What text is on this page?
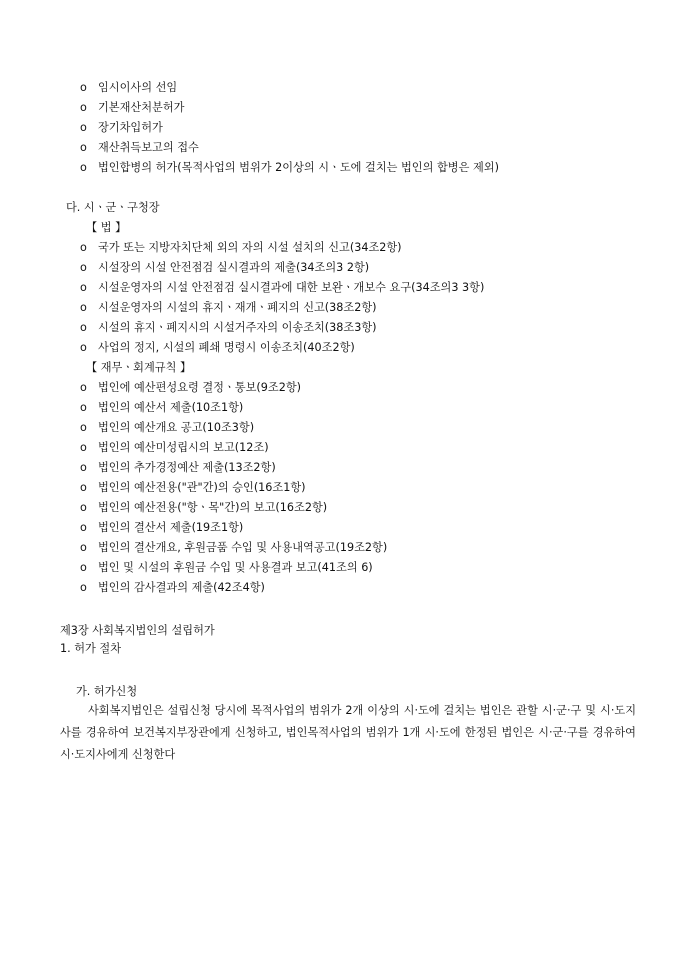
o 임시이사의 선임
o 기본재산처분허가
o 장기차입허가
o 재산취득보고의 접수
o 법인합병의 허가(목적사업의 범위가 2이상의 시ㆍ도에 걸치는 법인의 합병은 제외)
다. 시ㆍ군ㆍ구청장
【 법 】
o 국가 또는 지방자치단체 외의 자의 시설 설치의 신고(34조2항)
o 시설장의 시설 안전점검 실시결과의 제출(34조의3 2항)
o 시설운영자의 시설 안전점검 실시결과에 대한 보완ㆍ개보수 요구(34조의3 3항)
o 시설운영자의 시설의 휴지ㆍ재개ㆍ폐지의 신고(38조2항)
o 시설의 휴지ㆍ폐지시의 시설거주자의 이송조치(38조3항)
o 사업의 정지, 시설의 폐쇄 명령시 이송조치(40조2항)
【 재무ㆍ회계규칙 】
o 법인에 예산편성요령 결정ㆍ통보(9조2항)
o 법인의 예산서 제출(10조1항)
o 법인의 예산개요 공고(10조3항)
o 법인의 예산미성립시의 보고(12조)
o 법인의 추가경정예산 제출(13조2항)
o 법인의 예산전용("관"간)의 승인(16조1항)
o 법인의 예산전용("항ㆍ목"간)의 보고(16조2항)
o 법인의 결산서 제출(19조1항)
o 법인의 결산개요, 후원금품 수입 및 사용내역공고(19조2항)
o 법인 및 시설의 후원금 수입 및 사용결과 보고(41조의 6)
o 법인의 감사결과의 제출(42조4항)
제3장 사회복지법인의 설립허가
1. 허가 절차
가. 허가신청
사회복지법인은 설립신청 당시에 목적사업의 범위가 2개 이상의 시·도에 걸치는 법인은 관할 시·군·구 및 시·도지사를 경유하여 보건복지부장관에게 신청하고, 법인목적사업의 범위가 1개 시·도에 한정된 법인은 시·군·구를 경유하여 시·도지사에게 신청한다
